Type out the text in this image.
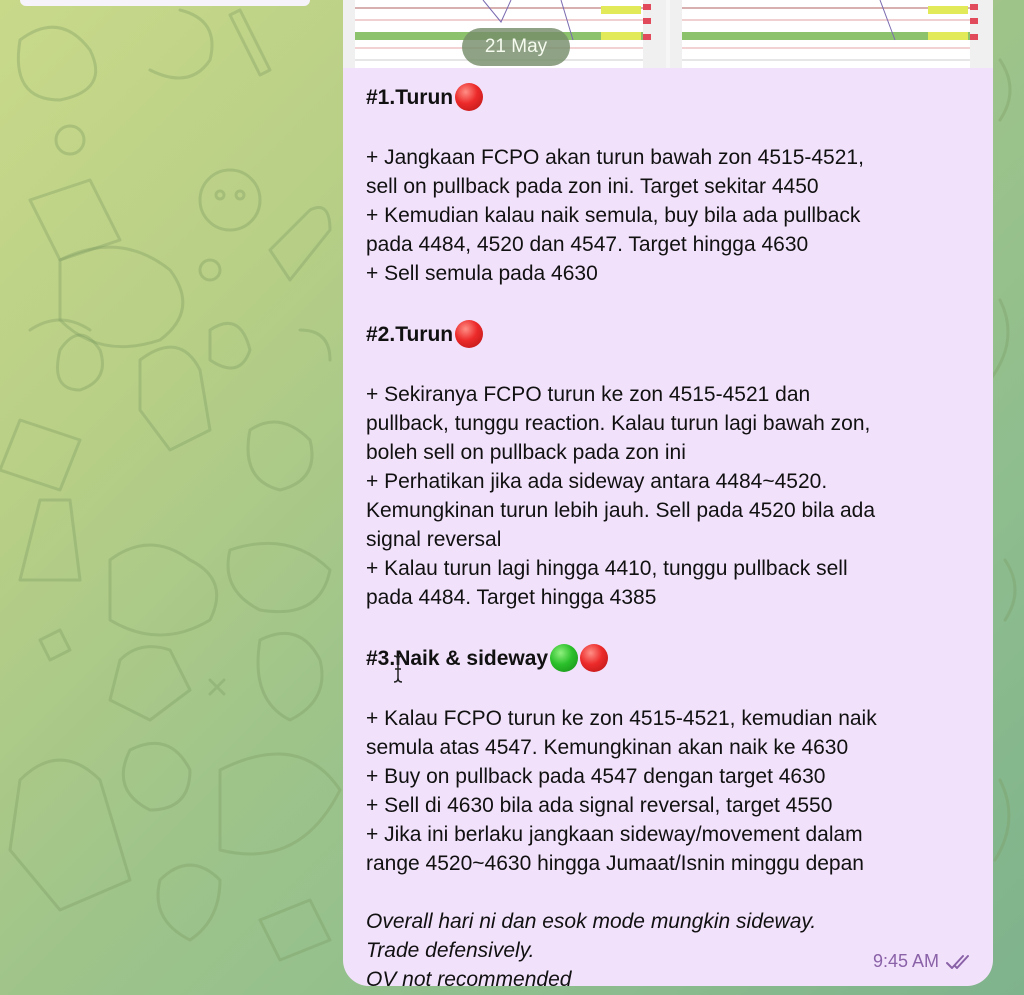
21 May

#1.Turun

+ Jangkaan FCPO akan turun bawah zon 4515-4521,

sell on pullback pada zon ini. Target sekitar 4450

+ Kemudian kalau naik semula, buy bila ada pullback

pada 4484, 4520 dan 4547. Target hingga 4630

+ Sell semula pada 4630

#2.Turun

+ Sekiranya FCPO turun ke zon 4515-4521 dan

pullback, tunggu reaction. Kalau turun lagi bawah zon,

boleh sell on pullback pada zon ini

+ Perhatikan jika ada sideway antara 4484~4520.

Kemungkinan turun lebih jauh. Sell pada 4520 bila ada

signal reversal

+ Kalau turun lagi hingga 4410, tunggu pullback sell

pada 4484. Target hingga 4385

#3.Naik & sideway

+ Kalau FCPO turun ke zon 4515-4521, kemudian naik

semula atas 4547. Kemungkinan akan naik ke 4630

+ Buy on pullback pada 4547 dengan target 4630

+ Sell di 4630 bila ada signal reversal, target 4550

+ Jika ini berlaku jangkaan sideway/movement dalam

range 4520~4630 hingga Jumaat/Isnin minggu depan

Overall hari ni dan esok mode mungkin sideway.

Trade defensively.

OV not recommended

9:45 AM
